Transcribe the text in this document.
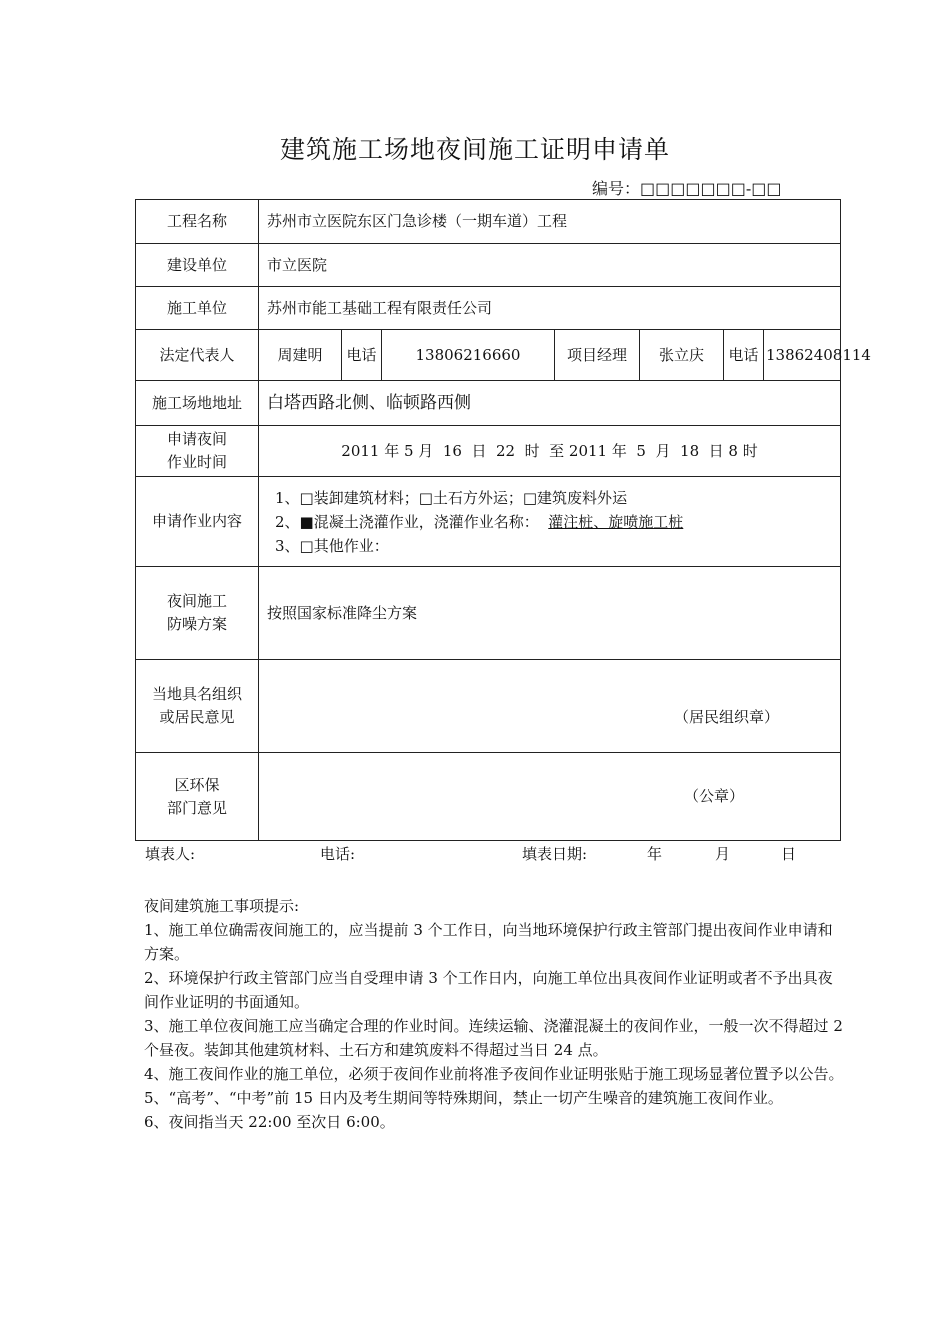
建筑施工场地夜间施工证明申请单
编号：□□□□□□□-□□
工程名称	苏州市立医院东区门急诊楼（一期车道）工程						
建设单位	市立医院						
施工单位	苏州市能工基础工程有限责任公司						
法定代表人	周建明	电话	13806216660	项目经理	张立庆	电话	13862408114
施工场地地址	白塔西路北侧、临顿路西侧						

申请夜间
作业时间	2011 年 5 月  16  日  22  时  至 2011 年  5  月  18  日 8 时						
申请作业内容	1、□装卸建筑材料；□土石方外运；□建筑废料外运
2、■混凝土浇灌作业，浇灌作业名称： 灌注桩、旋喷施工桩
3、□其他作业：						

夜间施工
防噪方案	按照国家标准降尘方案						

当地具名组织
或居民意见	（居民组织章）						

区环保
部门意见	（公章）						
填表人:	电话:	填表日期:	年	月	日

夜间建筑施工事项提示:

1、施工单位确需夜间施工的，应当提前 3 个工作日，向当地环境保护行政主管部门提出夜间作业申请和方案。

2、环境保护行政主管部门应当自受理申请 3 个工作日内，向施工单位出具夜间作业证明或者不予出具夜间作业证明的书面通知。

3、施工单位夜间施工应当确定合理的作业时间。连续运输、浇灌混凝土的夜间作业，一般一次不得超过 2 个昼夜。装卸其他建筑材料、土石方和建筑废料不得超过当日 24 点。

4、施工夜间作业的施工单位，必须于夜间作业前将准予夜间作业证明张贴于施工现场显著位置予以公告。

5、“高考”、“中考”前 15 日内及考生期间等特殊期间，禁止一切产生噪音的建筑施工夜间作业。

6、夜间指当天 22:00 至次日 6:00。
